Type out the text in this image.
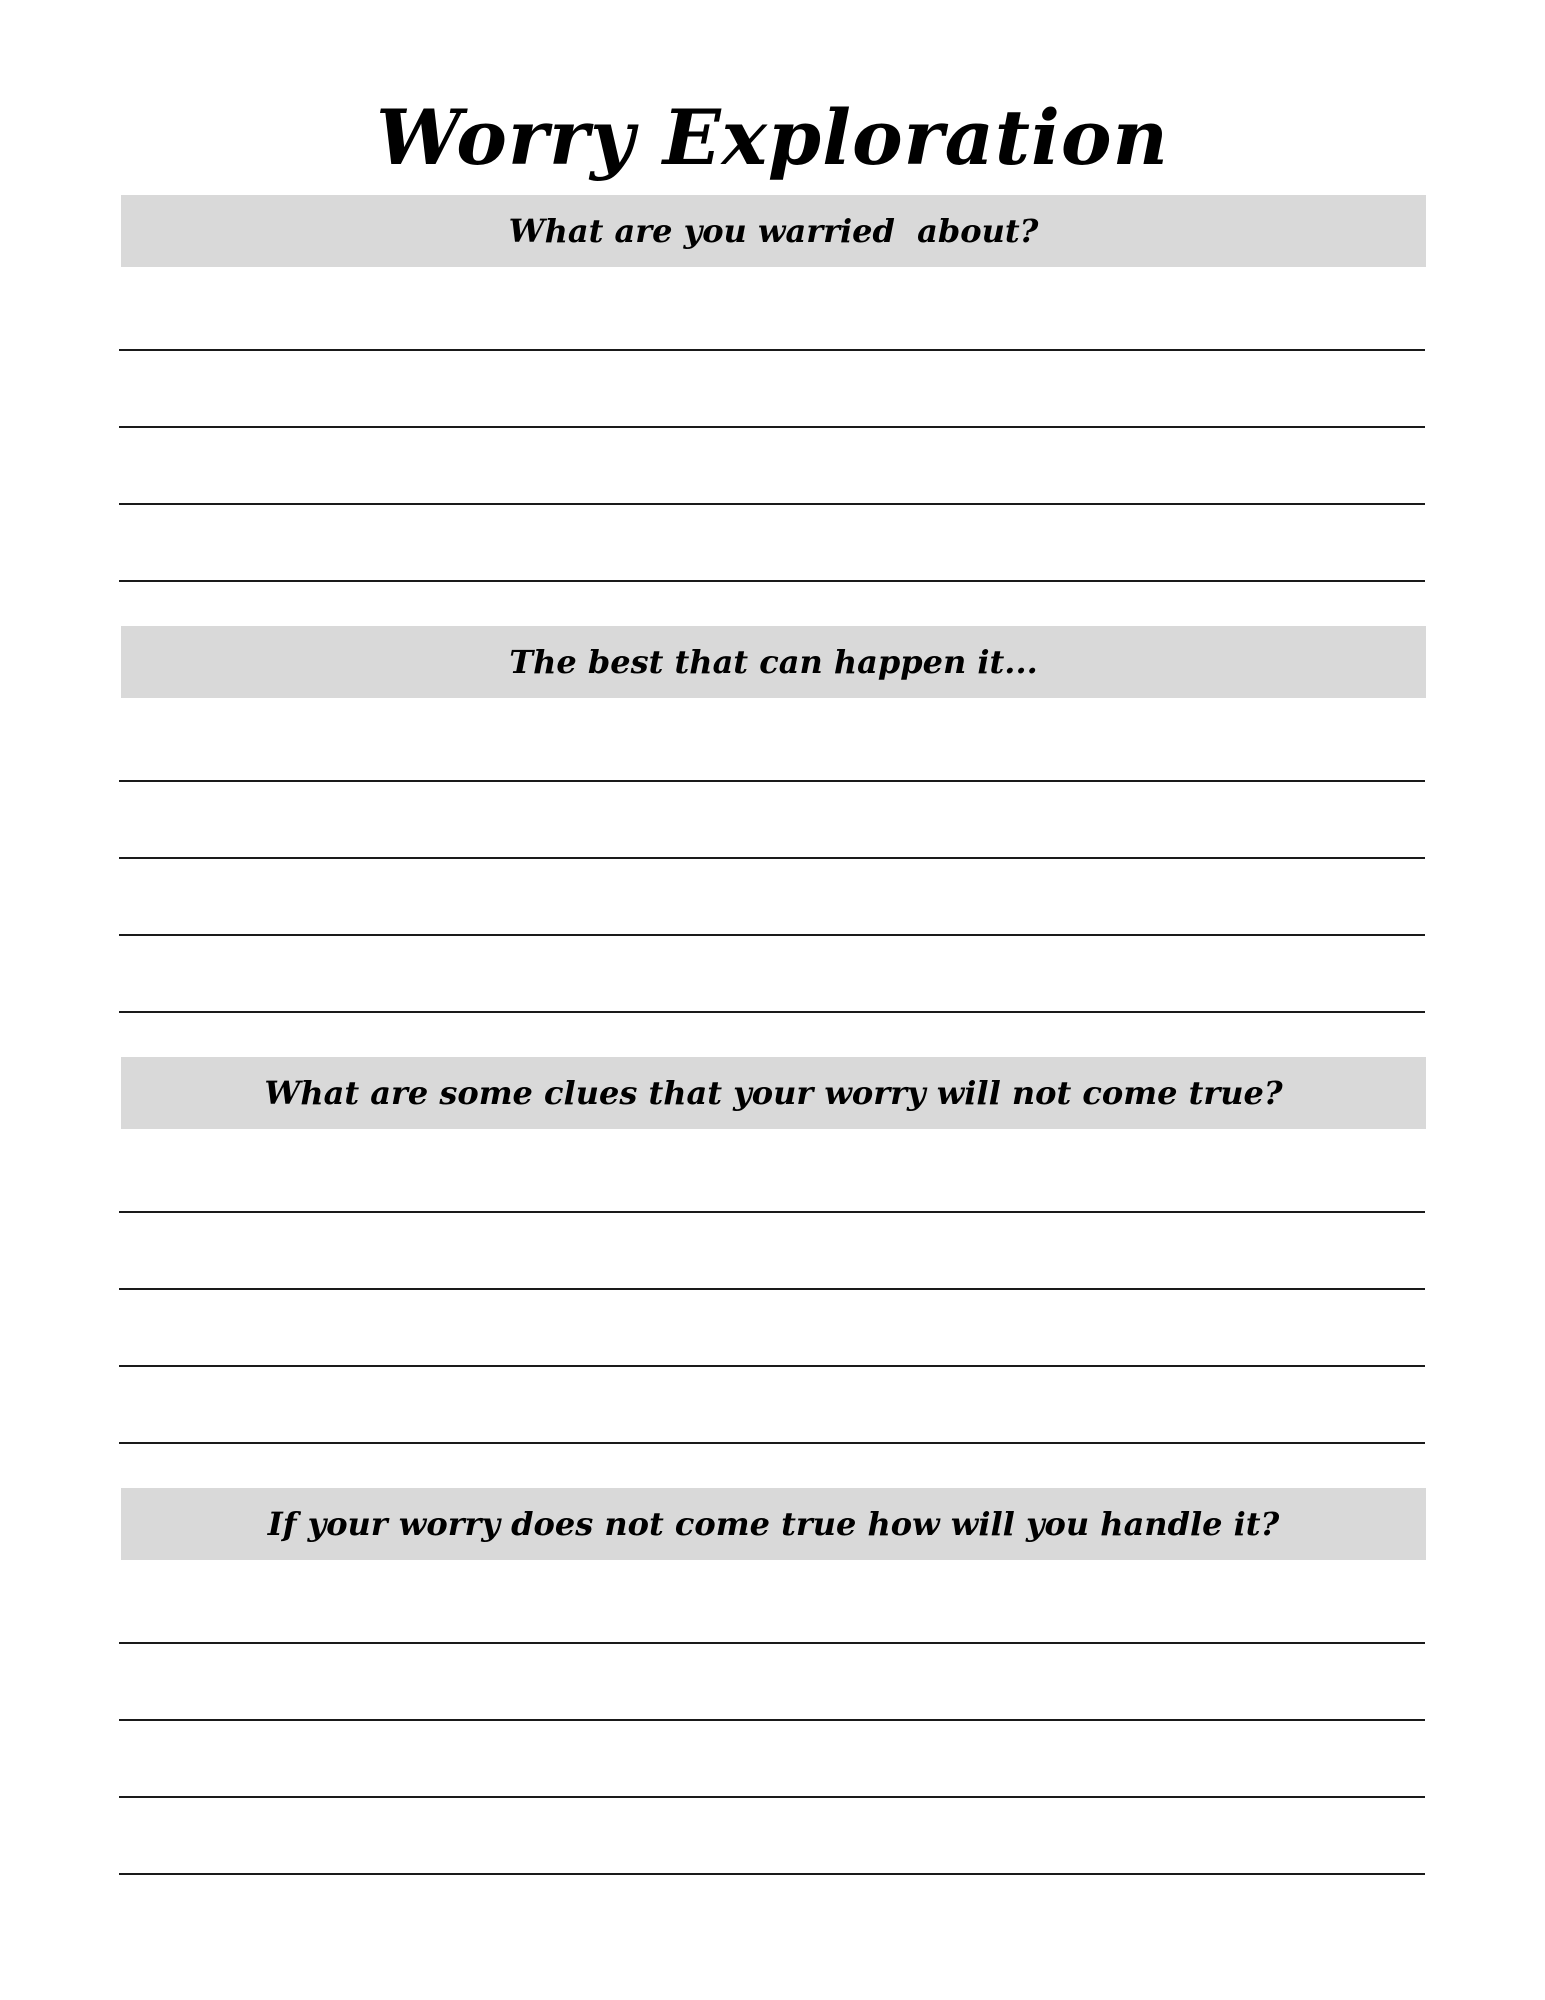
Worry Exploration
What are you warried  about?
The best that can happen it...
What are some clues that your worry will not come true?
If your worry does not come true how will you handle it?
